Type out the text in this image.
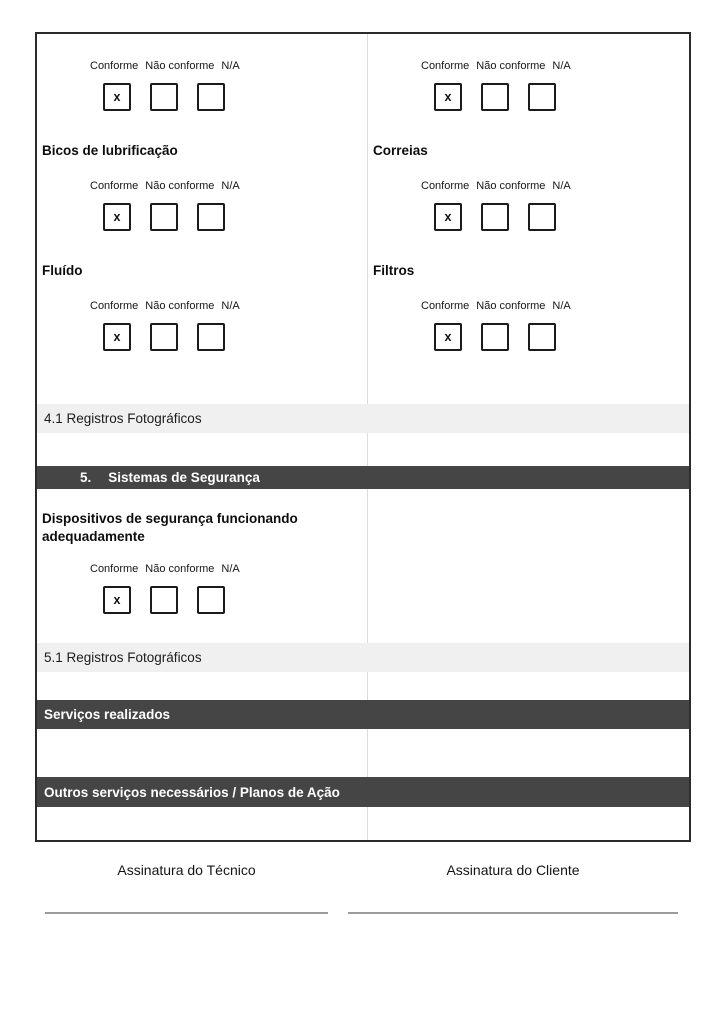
Conforme Não conforme N/A
x
Conforme Não conforme N/A
x
Bicos de lubrificação
Conforme Não conforme N/A
x
Correias
Conforme Não conforme N/A
x
Fluído
Conforme Não conforme N/A
x
Filtros
Conforme Não conforme N/A
x
4.1 Registros Fotográficos
5. Sistemas de Segurança
Dispositivos de segurança funcionando adequadamente
Conforme Não conforme N/A
x
5.1 Registros Fotográficos
Serviços realizados
Outros serviços necessários / Planos de Ação
Assinatura do Técnico	Assinatura do Cliente
